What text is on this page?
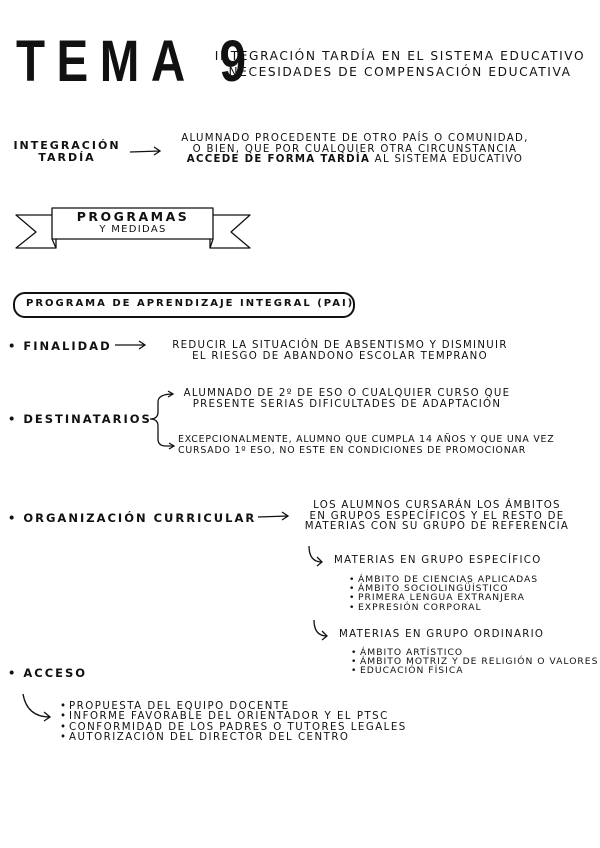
TEMA 9
INTEGRACIÓN TARDÍA EN EL SISTEMA EDUCATIVO
NECESIDADES DE COMPENSACIÓN EDUCATIVA
INTEGRACIÓN
TARDÍA
ALUMNADO PROCEDENTE DE OTRO PAÍS O COMUNIDAD,
O BIEN, QUE POR CUALQUIER OTRA CIRCUNSTANCIA
ACCEDE DE FORMA TARDÍA AL SISTEMA EDUCATIVO
PROGRAMAS
Y MEDIDAS
PROGRAMA DE APRENDIZAJE INTEGRAL (PAI)
• FINALIDAD	REDUCIR LA SITUACIÓN DE ABSENTISMO Y DISMINUIR
EL RIESGO DE ABANDONO ESCOLAR TEMPRANO
• DESTINATARIOS
ALUMNADO DE 2º DE ESO O CUALQUIER CURSO QUE
PRESENTE SERIAS DIFICULTADES DE ADAPTACIÓN
EXCEPCIONALMENTE, ALUMNO QUE CUMPLA 14 AÑOS Y QUE UNA VEZ
CURSADO 1º ESO, NO ESTE EN CONDICIONES DE PROMOCIONAR
• ORGANIZACIÓN CURRICULAR
LOS ALUMNOS CURSARÁN LOS ÁMBITOS
EN GRUPOS ESPECÍFICOS Y EL RESTO DE
MATERIAS CON SU GRUPO DE REFERENCIA
MATERIAS EN GRUPO ESPECÍFICO
• ÁMBITO DE CIENCIAS APLICADAS
• ÁMBITO SOCIOLINGÜÍSTICO
• PRIMERA LENGUA EXTRANJERA
• EXPRESIÓN CORPORAL
MATERIAS EN GRUPO ORDINARIO
• ÁMBITO ARTÍSTICO
• ÁMBITO MOTRIZ Y DE RELIGIÓN O VALORES
• EDUCACIÓN FÍSICA
• ACCESO
• PROPUESTA DEL EQUIPO DOCENTE
• INFORME FAVORABLE DEL ORIENTADOR Y EL PTSC
• CONFORMIDAD DE LOS PADRES O TUTORES LEGALES
• AUTORIZACIÓN DEL DIRECTOR DEL CENTRO
